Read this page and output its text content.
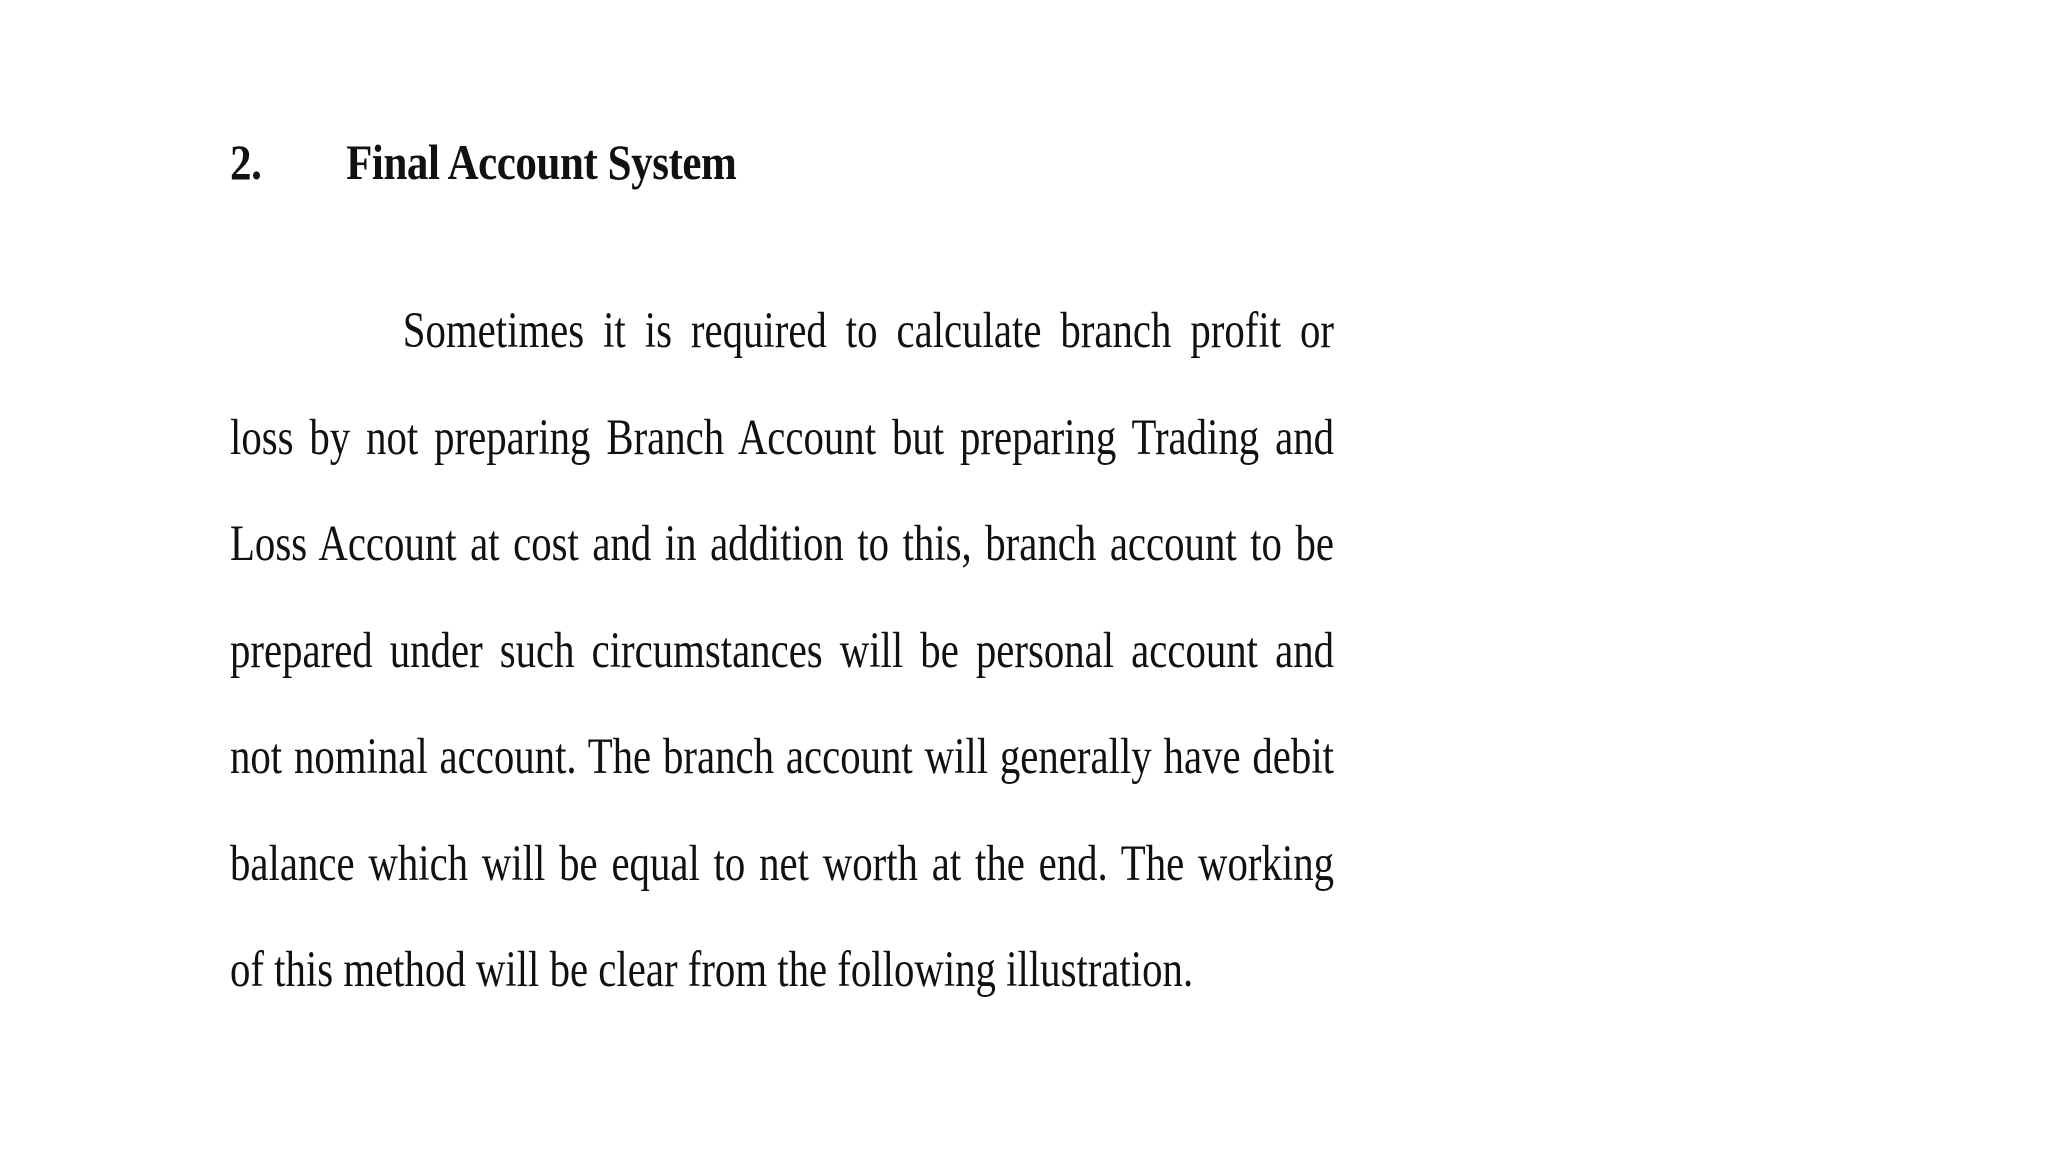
2.	Final Account System
Sometimes it is required to calculate branch profit or loss by not preparing Branch Account but preparing Trading and Loss Account at cost and in addition to this, branch account to be prepared under such circumstances will be personal account and not nominal account. The branch account will generally have debit balance which will be equal to net worth at the end. The working of this method will be clear from the following illustration.
